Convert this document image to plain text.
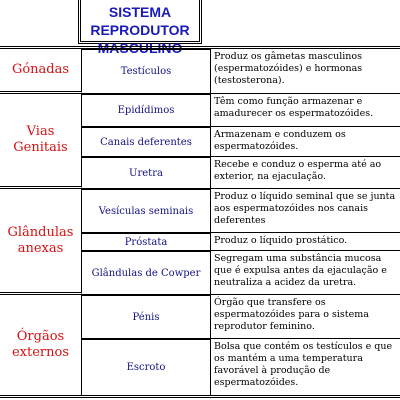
SISTEMA
REPRODUTOR
MASCULINO
Gónadas	Testículos
Produz os gâmetas masculinos (espermatozóides) e hormonas (testosterona).
Vias Genitais
Epidídimos
Têm como função armazenar e amadurecer os espermatozóides.
Canais deferentes
Armazenam e conduzem os espermatozóides.
Uretra
Recebe e conduz o esperma até ao exterior, na ejaculação.
Glândulas anexas
Vesículas seminais
Produz o líquido seminal que se junta aos espermatozóides nos canais deferentes
Próstata	Produz o líquido prostático.
Glândulas de Cowper
Segregam uma substância mucosa que é expulsa antes da ejaculação e neutraliza a acidez da uretra.
Órgãos externos
Pénis
Órgão que transfere os espermatozóides para o sistema reprodutor feminino.
Escroto
Bolsa que contém os testículos e que os mantém a uma temperatura favorável à produção de espermatozóides.
